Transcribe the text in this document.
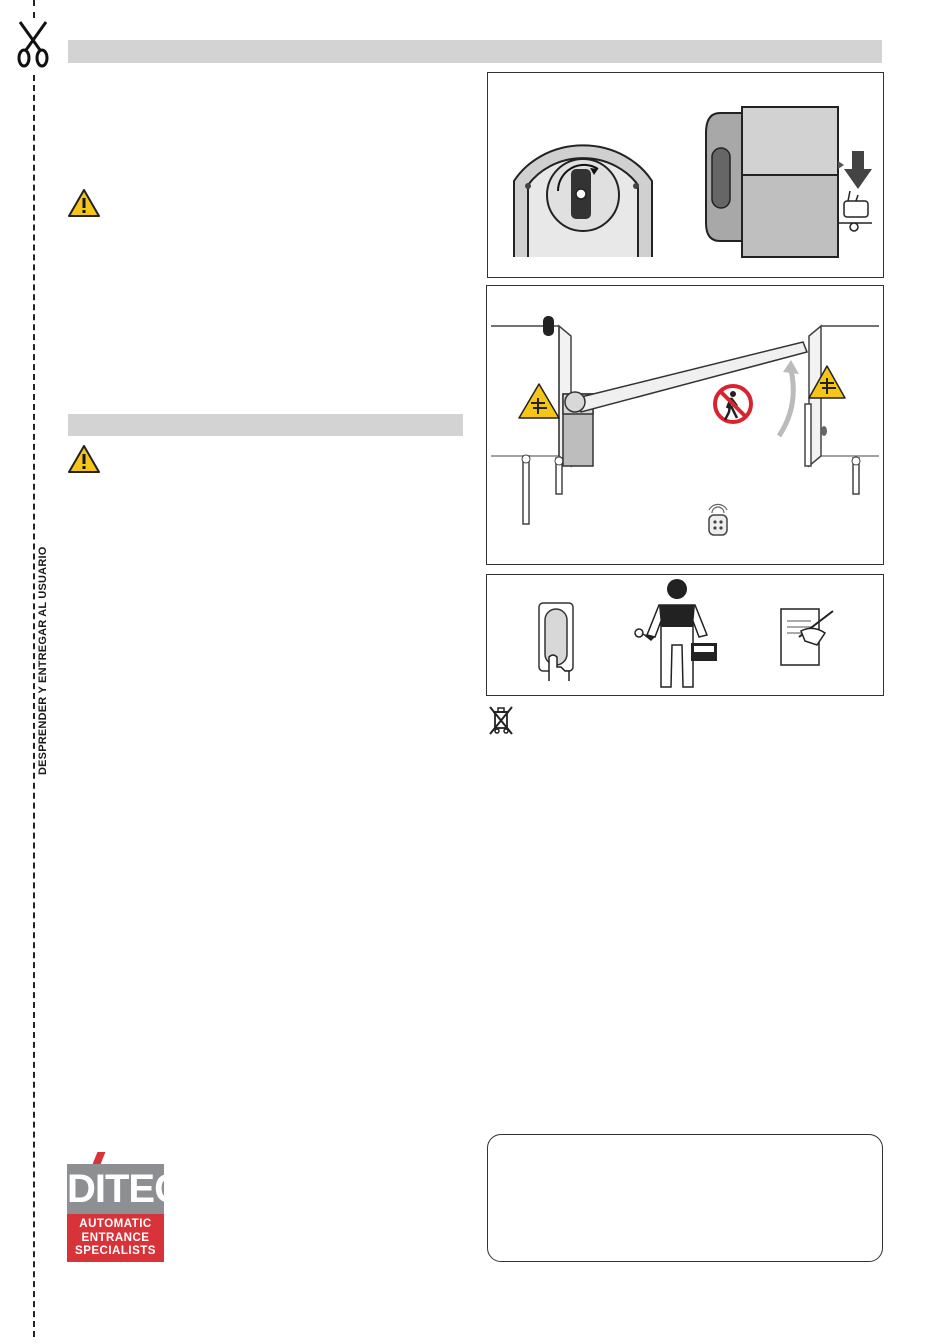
DESPRENDER Y ENTREGAR AL USUARIO
DITEC
AUTOMATIC
ENTRANCE
SPECIALISTS
